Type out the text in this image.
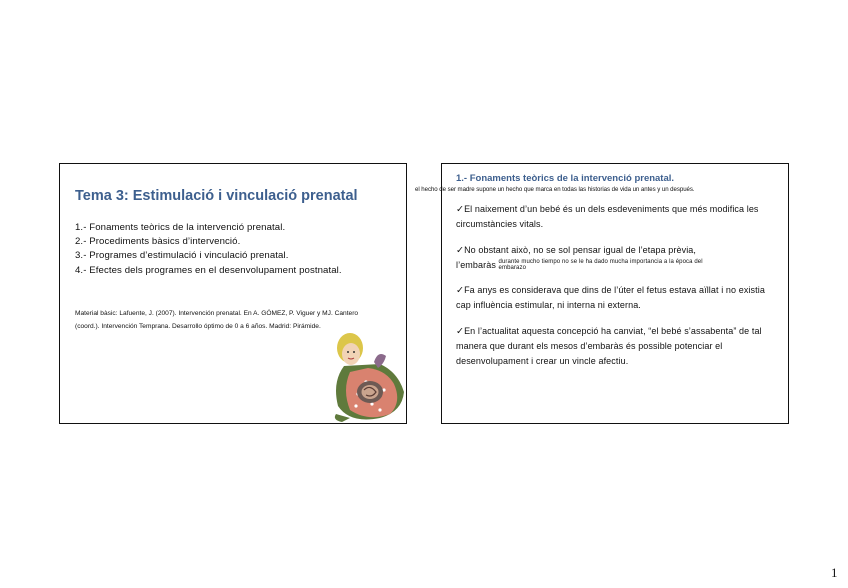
Tema 3: Estimulació i vinculació prenatal
1.- Fonaments teòrics de la intervenció prenatal.
2.- Procediments bàsics d’intervenció.
3.- Programes d’estimulació i vinculació prenatal.
4.- Efectes dels programes en el desenvolupament postnatal.
Material bàsic: Lafuente, J. (2007). Intervención prenatal. En A. GÓMEZ, P. Viguer y MJ. Cantero (coord.). Intervención Temprana. Desarrollo óptimo de 0 a 6 años. Madrid: Pirámide.
1.- Fonaments teòrics de la intervenció prenatal.
el hecho de ser madre supone un hecho que marca en todas las historias de vida un antes y un después.

✓El naixement d’un bebé és un dels esdeveniments que més modifica les circumstàncies vitals.

✓No obstant això, no se sol pensar igual de l’etapa prèvia,
l’embaràs durante mucho tiempo no se le ha dado mucha importancia a la época del
embarazo

✓Fa anys es considerava que dins de l’úter el fetus estava aïllat i no existia cap influència estimular, ni interna ni externa.

✓En l’actualitat aquesta concepció ha canviat, “el bebé s’assabenta” de tal manera que durant els mesos d’embaràs és possible potenciar el desenvolupament i crear un vincle afectiu.

1
